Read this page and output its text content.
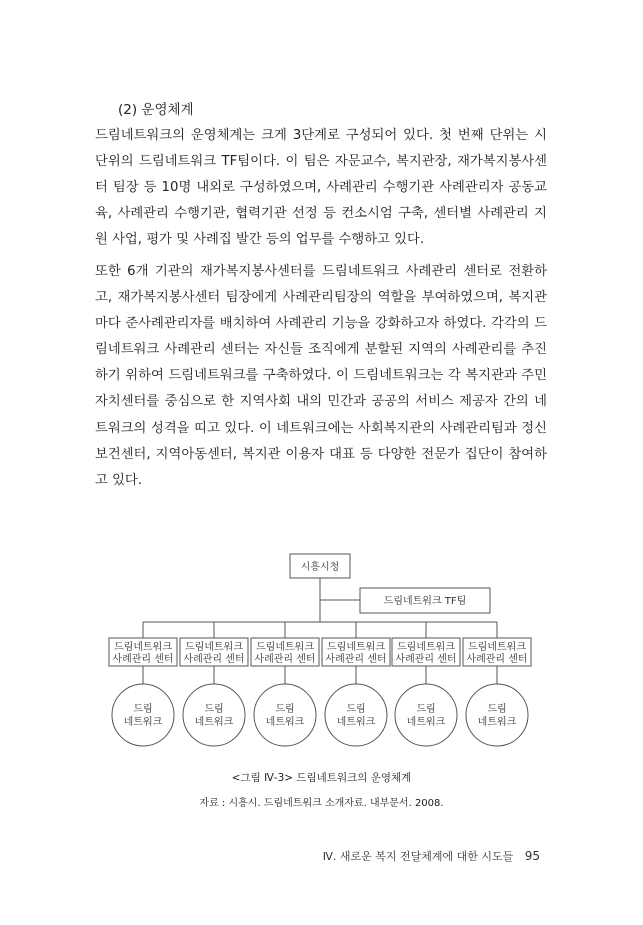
(2) 운영체계

드림네트워크의 운영체계는 크게 3단계로 구성되어 있다. 첫 번째 단위는 시 단위의 드림네트워크 TF팀이다. 이 팀은 자문교수, 복지관장, 재가복지봉사센터 팀장 등 10명 내외로 구성하였으며, 사례관리 수행기관 사례관리자 공동교육, 사례관리 수행기관, 협력기관 선정 등 컨소시엄 구축, 센터별 사례관리 지원 사업, 평가 및 사례집 발간 등의 업무를 수행하고 있다.

또한 6개 기관의 재가복지봉사센터를 드림네트워크 사례관리 센터로 전환하고, 재가복지봉사센터 팀장에게 사례관리팀장의 역할을 부여하였으며, 복지관마다 준사례관리자를 배치하여 사례관리 기능을 강화하고자 하였다. 각각의 드림네트워크 사례관리 센터는 자신들 조직에게 분할된 지역의 사례관리를 추진하기 위하여 드림네트워크를 구축하였다. 이 드림네트워크는 각 복지관과 주민자치센터를 중심으로 한 지역사회 내의 민간과 공공의 서비스 제공자 간의 네트워크의 성격을 띠고 있다. 이 네트워크에는 사회복지관의 사례관리팀과 정신보건센터, 지역아동센터, 복지관 이용자 대표 등 다양한 전문가 집단이 참여하고 있다.

시흥시청
드림네트워크 TF팀
드림네트워크
사례관리 센터
드림네트워크
사례관리 센터
드림네트워크
사례관리 센터
드림네트워크
사례관리 센터
드림네트워크
사례관리 센터
드림네트워크
사례관리 센터
드림
네트워크
드림
네트워크
드림
네트워크
드림
네트워크
드림
네트워크
드림
네트워크
<그림 Ⅳ-3> 드림네트워크의 운영체계
자료 : 시흥시. 드림네트워크 소개자료. 내부문서. 2008.
Ⅳ. 새로운 복지 전달체계에 대한 시도들 95
